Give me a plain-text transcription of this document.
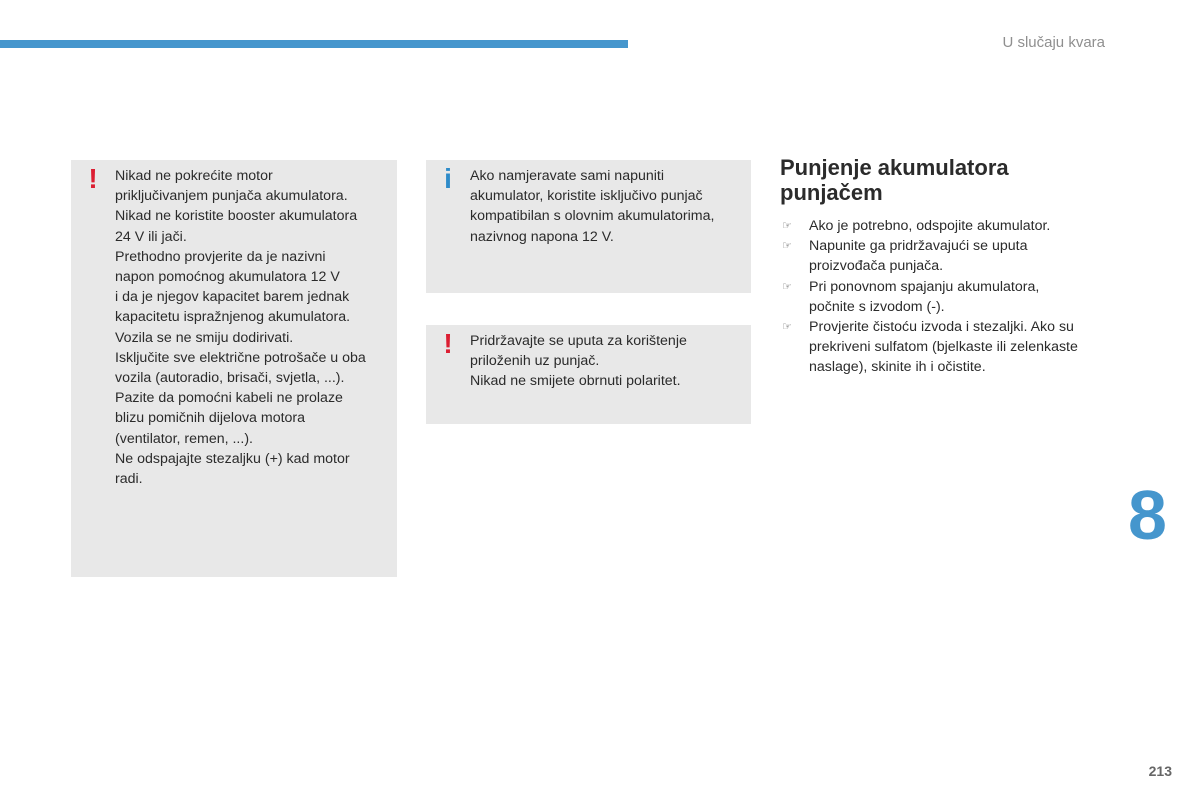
U slučaju kvara
! Nikad ne pokrećite motor
priključivanjem punjača akumulatora.
Nikad ne koristite booster akumulatora
24 V ili jači.
Prethodno provjerite da je nazivni
napon pomoćnog akumulatora 12 V
i da je njegov kapacitet barem jednak
kapacitetu ispražnjenog akumulatora.
Vozila se ne smiju dodirivati.
Isključite sve električne potrošače u oba
vozila (autoradio, brisači, svjetla, ...).
Pazite da pomoćni kabeli ne prolaze
blizu pomičnih dijelova motora
(ventilator, remen, ...).
Ne odspajajte stezaljku (+) kad motor
radi.
i Ako namjeravate sami napuniti
akumulator, koristite isključivo punjač
kompatibilan s olovnim akumulatorima,
nazivnog napona 12 V.
! Pridržavajte se uputa za korištenje
priloženih uz punjač.
Nikad ne smijete obrnuti polaritet.
Punjenje akumulatora
punjačem
☞ Ako je potrebno, odspojite akumulator.
☞ Napunite ga pridržavajući se uputa
proizvođača punjača.
☞ Pri ponovnom spajanju akumulatora,
počnite s izvodom (-).
☞ Provjerite čistoću izvoda i stezaljki. Ako su
prekriveni sulfatom (bjelkaste ili zelenkaste
naslage), skinite ih i očistite.
8
213
